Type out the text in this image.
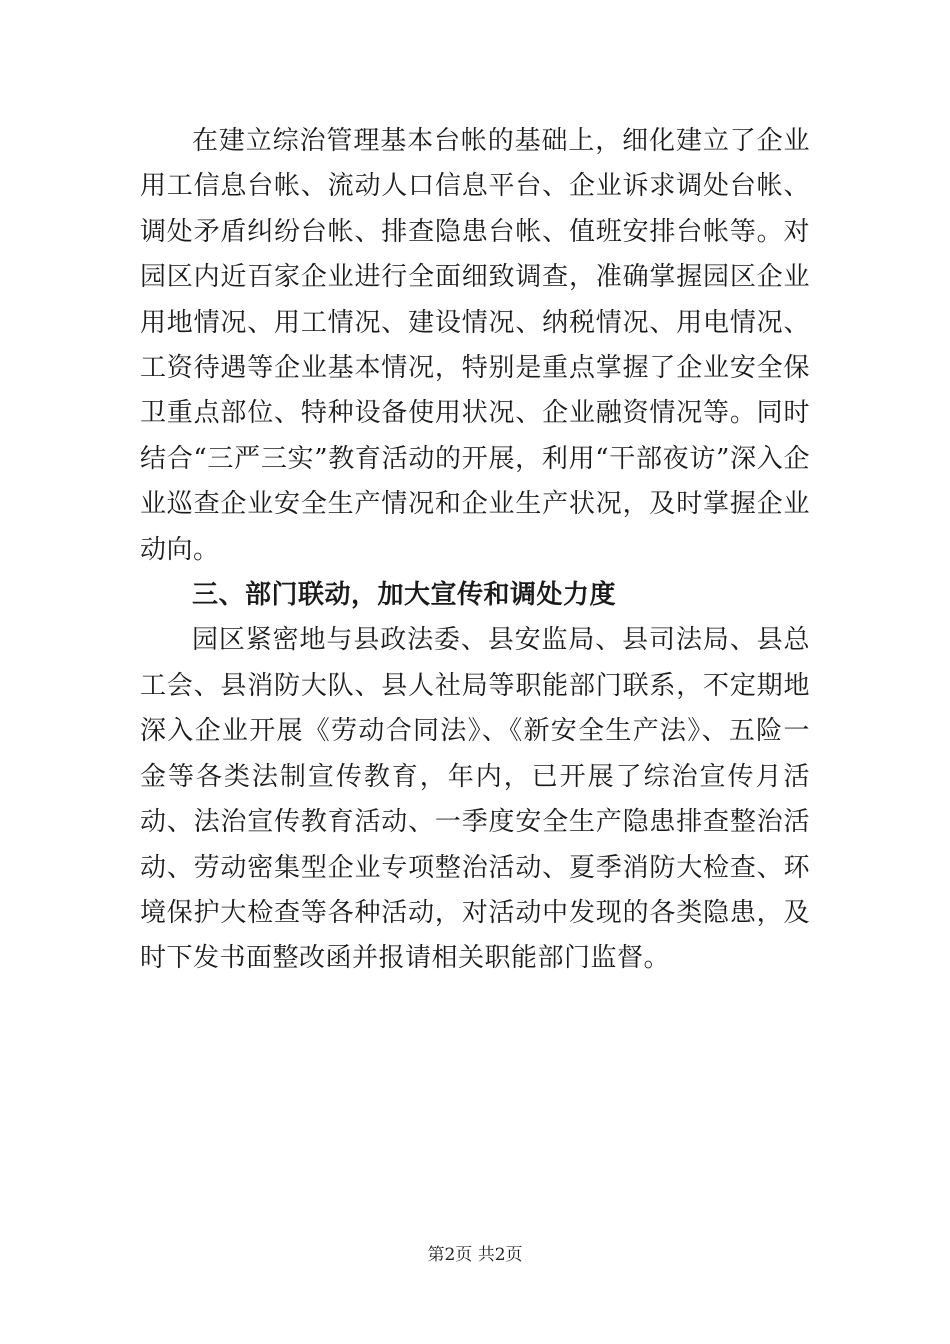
在建立综治管理基本台帐的基础上，细化建立了企业用工信息台帐、流动人口信息平台、企业诉求调处台帐、调处矛盾纠纷台帐、排查隐患台帐、值班安排台帐等。对园区内近百家企业进行全面细致调查，准确掌握园区企业用地情况、用工情况、建设情况、纳税情况、用电情况、工资待遇等企业基本情况，特别是重点掌握了企业安全保卫重点部位、特种设备使用状况、企业融资情况等。同时结合“三严三实”教育活动的开展，利用“干部夜访”深入企业巡查企业安全生产情况和企业生产状况，及时掌握企业动向。

三、部门联动，加大宣传和调处力度

园区紧密地与县政法委、县安监局、县司法局、县总工会、县消防大队、县人社局等职能部门联系，不定期地深入企业开展《劳动合同法》、《新安全生产法》、五险一金等各类法制宣传教育，年内，已开展了综治宣传月活动、法治宣传教育活动、一季度安全生产隐患排查整治活动、劳动密集型企业专项整治活动、夏季消防大检查、环境保护大检查等各种活动，对活动中发现的各类隐患，及时下发书面整改函并报请相关职能部门监督。

第2页 共2页
